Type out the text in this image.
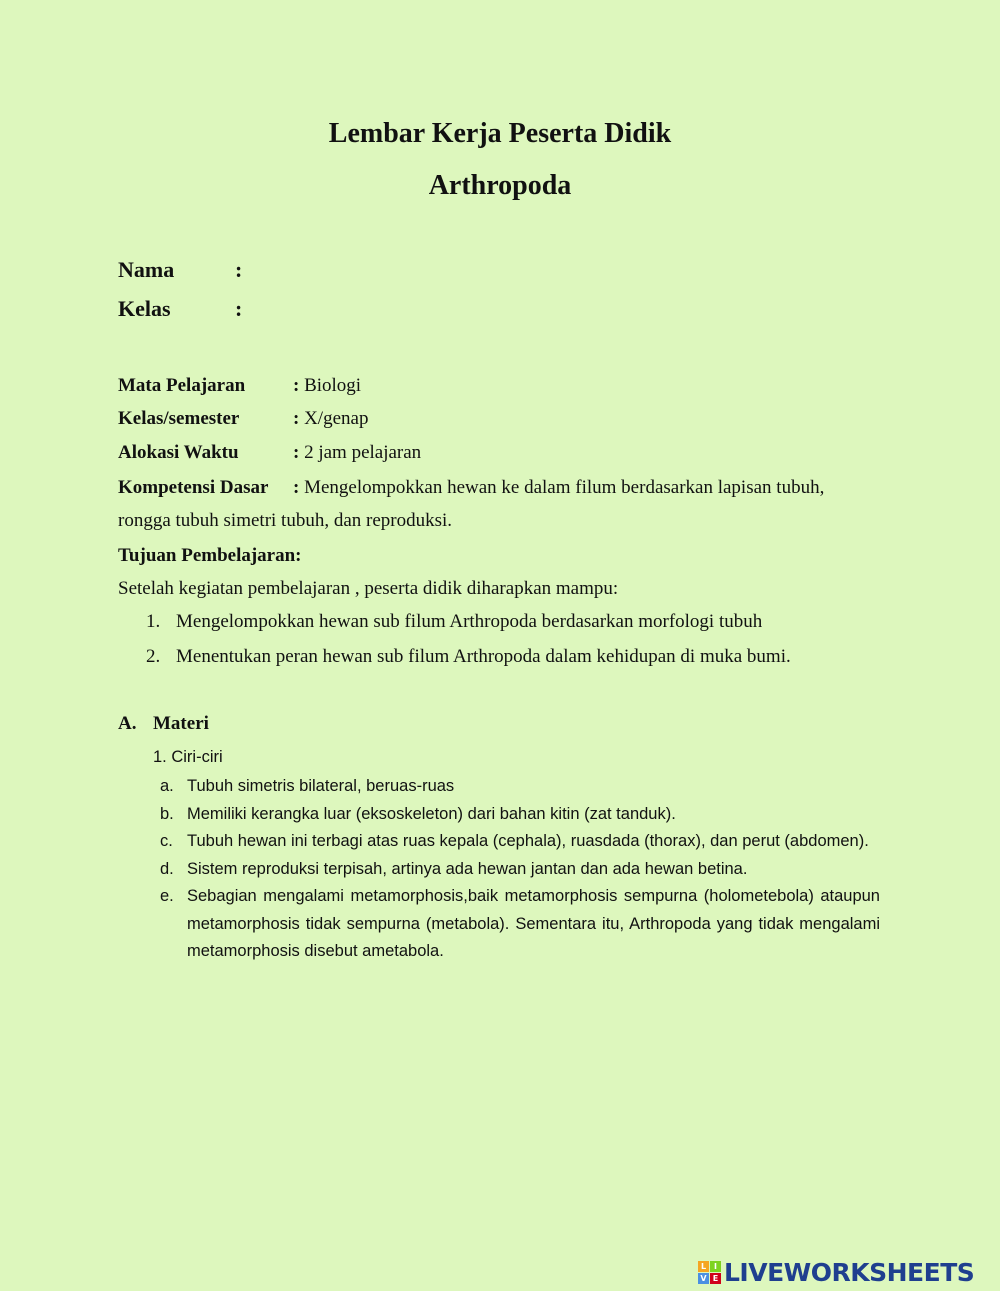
Lembar Kerja Peserta Didik
Arthropoda
Nama	:
Kelas	:
Mata Pelajaran	: Biologi
Kelas/semester	: X/genap
Alokasi Waktu	: 2 jam pelajaran
Kompetensi Dasar : Mengelompokkan hewan ke dalam filum berdasarkan lapisan tubuh,
rongga tubuh simetri tubuh, dan reproduksi.
Tujuan Pembelajaran:
Setelah kegiatan pembelajaran , peserta didik diharapkan mampu:
1. Mengelompokkan hewan sub filum Arthropoda berdasarkan morfologi tubuh
2. Menentukan peran hewan sub filum Arthropoda dalam kehidupan di muka bumi.
A. Materi
1. Ciri-ciri
a. Tubuh simetris bilateral, beruas-ruas
b. Memiliki kerangka luar (eksoskeleton) dari bahan kitin (zat tanduk).
c. Tubuh hewan ini terbagi atas ruas kepala (cephala), ruasdada (thorax), dan perut (abdomen).
d. Sistem reproduksi terpisah, artinya ada hewan jantan dan ada hewan betina.
e. Sebagian mengalami metamorphosis,baik metamorphosis sempurna (holometebola) ataupun metamorphosis tidak sempurna (metabola). Sementara itu, Arthropoda yang tidak mengalami metamorphosis disebut ametabola.
L I
V E LIVEWORKSHEETS
